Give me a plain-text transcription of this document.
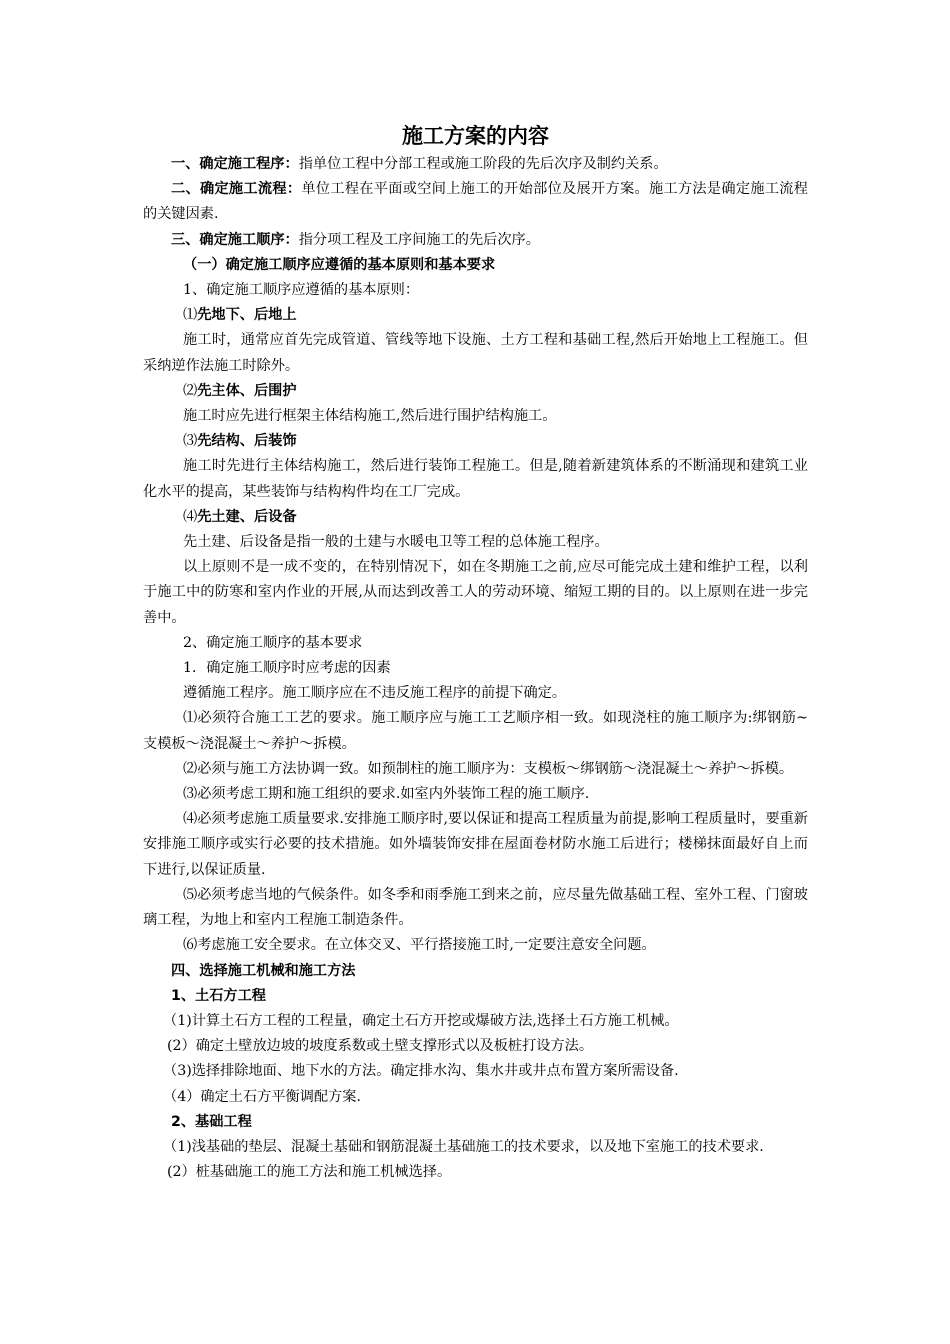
施工方案的内容

一、确定施工程序：指单位工程中分部工程或施工阶段的先后次序及制约关系。

二、确定施工流程：单位工程在平面或空间上施工的开始部位及展开方案。施工方法是确定施工流程的关键因素.

三、确定施工顺序：指分项工程及工序间施工的先后次序。

（一）确定施工顺序应遵循的基本原则和基本要求

1、确定施工顺序应遵循的基本原则：

⑴先地下、后地上

施工时，通常应首先完成管道、管线等地下设施、土方工程和基础工程,然后开始地上工程施工。但采纳逆作法施工时除外。

⑵先主体、后围护

施工时应先进行框架主体结构施工,然后进行围护结构施工。

⑶先结构、后装饰

施工时先进行主体结构施工，然后进行装饰工程施工。但是,随着新建筑体系的不断涌现和建筑工业化水平的提高，某些装饰与结构构件均在工厂完成。

⑷先土建、后设备

先土建、后设备是指一般的土建与水暖电卫等工程的总体施工程序。

以上原则不是一成不变的，在特别情况下，如在冬期施工之前,应尽可能完成土建和维护工程，以利于施工中的防寒和室内作业的开展,从而达到改善工人的劳动环境、缩短工期的目的。以上原则在进一步完善中。

2、确定施工顺序的基本要求

1．确定施工顺序时应考虑的因素

遵循施工程序。施工顺序应在不违反施工程序的前提下确定。

⑴必须符合施工工艺的要求。施工顺序应与施工工艺顺序相一致。如现浇柱的施工顺序为:绑钢筋~支模板～浇混凝土～养护～拆模。

⑵必须与施工方法协调一致。如预制柱的施工顺序为：支模板～绑钢筋～浇混凝土～养护～拆模。

⑶必须考虑工期和施工组织的要求.如室内外装饰工程的施工顺序.

⑷必须考虑施工质量要求.安排施工顺序时,要以保证和提高工程质量为前提,影响工程质量时，要重新安排施工顺序或实行必要的技术措施。如外墙装饰安排在屋面卷材防水施工后进行；楼梯抹面最好自上而下进行,以保证质量.

⑸必须考虑当地的气候条件。如冬季和雨季施工到来之前，应尽量先做基础工程、室外工程、门窗玻璃工程，为地上和室内工程施工制造条件。

⑹考虑施工安全要求。在立体交叉、平行搭接施工时,一定要注意安全问题。

四、选择施工机械和施工方法

1、土石方工程

（1)计算土石方工程的工程量，确定土石方开挖或爆破方法,选择土石方施工机械。

(2）确定土壁放边坡的坡度系数或土壁支撑形式以及板桩打设方法。

（3)选择排除地面、地下水的方法。确定排水沟、集水井或井点布置方案所需设备.

（4）确定土石方平衡调配方案.

2、基础工程

（1)浅基础的垫层、混凝土基础和钢筋混凝土基础施工的技术要求，以及地下室施工的技术要求.

(2）桩基础施工的施工方法和施工机械选择。
